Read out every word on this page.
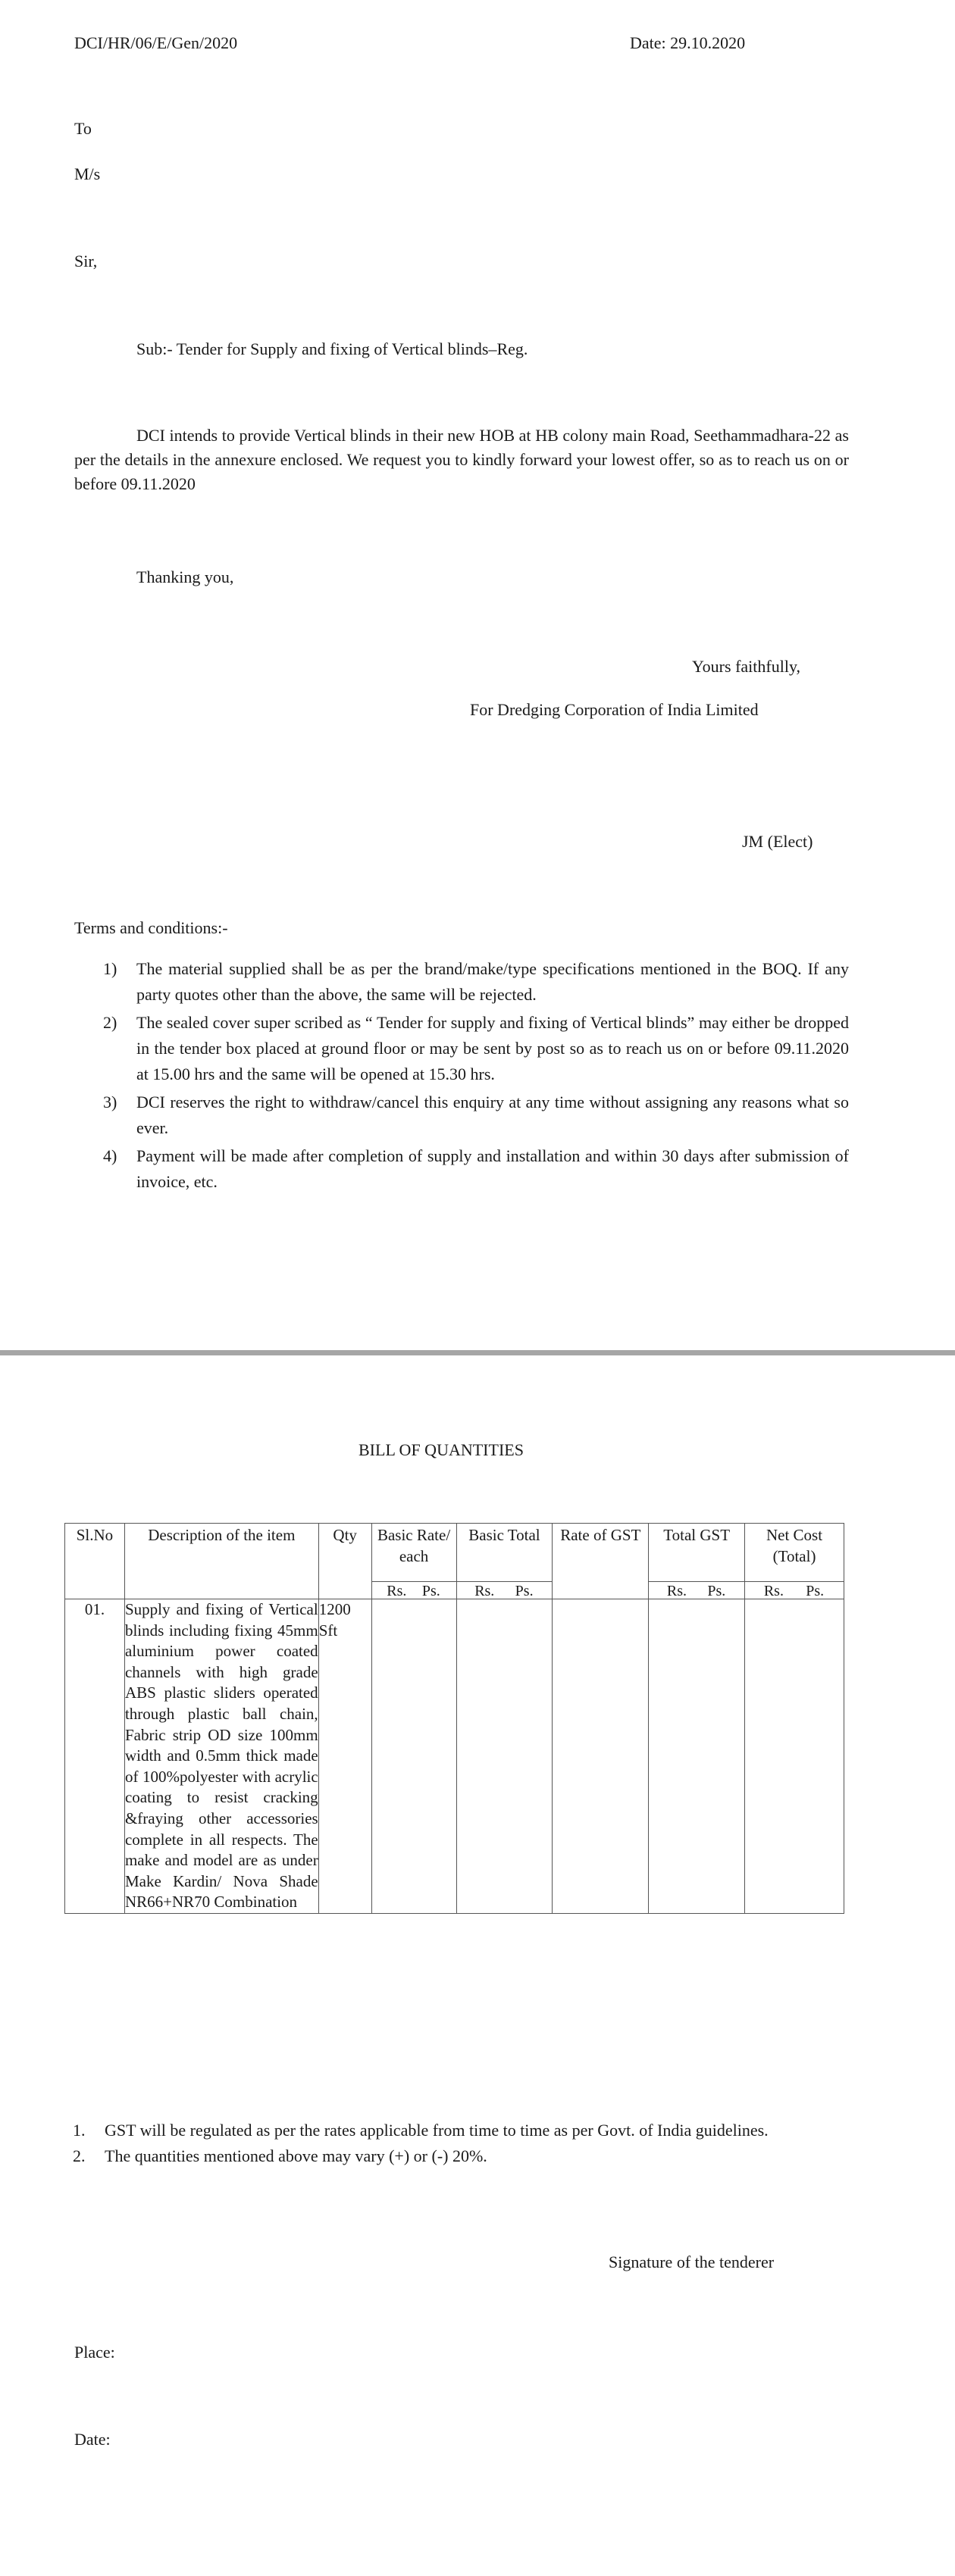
DCI/HR/06/E/Gen/2020	Date: 29.10.2020

To

M/s

Sir,

Sub:- Tender for Supply and fixing of Vertical blinds–Reg.

DCI intends to provide Vertical blinds in their new HOB at HB colony main Road, Seethammadhara-22 as per the details in the annexure enclosed. We request you to kindly forward your lowest offer, so as to reach us on or before 09.11.2020

Thanking you,

Yours faithfully,

For Dredging Corporation of India Limited

JM (Elect)

Terms and conditions:-

1) The material supplied shall be as per the brand/make/type specifications mentioned in the BOQ. If any party quotes other than the above, the same will be rejected.
2) The sealed cover super scribed as “ Tender for supply and fixing of Vertical blinds” may either be dropped in the tender box placed at ground floor or may be sent by post so as to reach us on or before 09.11.2020 at 15.00 hrs and the same will be opened at 15.30 hrs.
3) DCI reserves the right to withdraw/cancel this enquiry at any time without assigning any reasons what so ever.
4) Payment will be made after completion of supply and installation and within 30 days after submission of invoice, etc.

BILL OF QUANTITIES

Sl.No	Description of the item	Qty	Basic Rate/ each	Basic Total	Rate of GST	Total GST	Net Cost (Total)
			Rs. Ps.	Rs. Ps.		Rs. Ps.	Rs. Ps.
01.	Supply and fixing of Vertical blinds including fixing 45mm aluminium power coated channels with high grade ABS plastic sliders operated through plastic ball chain, Fabric strip OD size 100mm width and 0.5mm thick made of 100%polyester with acrylic coating to resist cracking &fraying other accessories complete in all respects. The make and model are as under Make Kardin/ Nova Shade NR66+NR70 Combination	1200 Sft					
1. GST will be regulated as per the rates applicable from time to time as per Govt. of India guidelines.
2. The quantities mentioned above may vary (+) or (-) 20%.

Signature of the tenderer

Place:

Date:
